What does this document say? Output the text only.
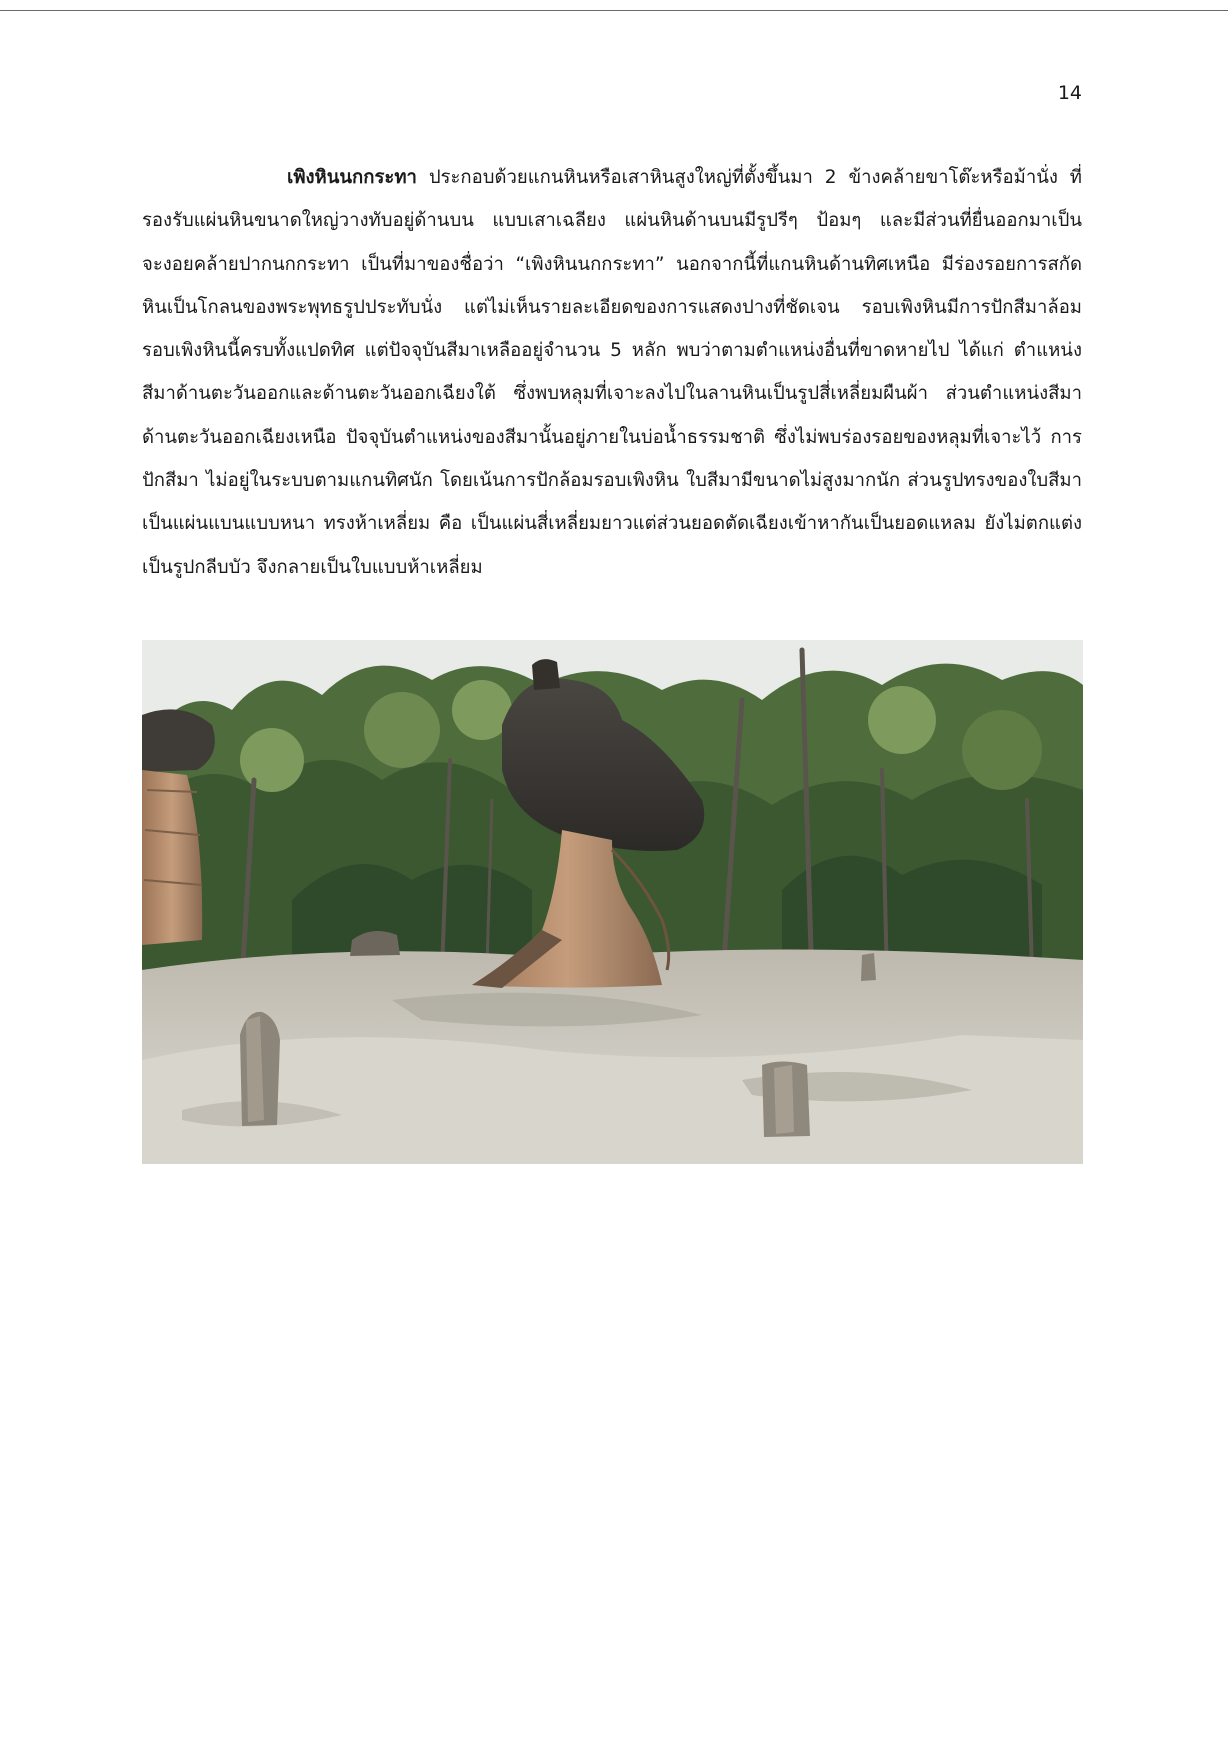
14

เพิงหินนกกระทา ประกอบด้วยแกนหินหรือเสาหินสูงใหญ่ที่ตั้งขึ้นมา 2 ข้างคล้ายขาโต๊ะหรือม้านั่ง ที่รองรับแผ่นหินขนาดใหญ่วางทับอยู่ด้านบน แบบเสาเฉลียง แผ่นหินด้านบนมีรูปรีๆ ป้อมๆ และมีส่วนที่ยื่นออกมาเป็นจะงอยคล้ายปากนกกระทา เป็นที่มาของชื่อว่า “เพิงหินนกกระทา” นอกจากนี้ที่แกนหินด้านทิศเหนือ มีร่องรอยการสกัดหินเป็นโกลนของพระพุทธรูปประทับนั่ง แต่ไม่เห็นรายละเอียดของการแสดงปางที่ชัดเจน รอบเพิงหินมีการปักสีมาล้อมรอบเพิงหินนี้ครบทั้งแปดทิศ แต่ปัจจุบันสีมาเหลืออยู่จำนวน 5 หลัก พบว่าตามตำแหน่งอื่นที่ขาดหายไป ได้แก่ ตำแหน่งสีมาด้านตะวันออกและด้านตะวันออกเฉียงใต้ ซึ่งพบหลุมที่เจาะลงไปในลานหินเป็นรูปสี่เหลี่ยมผืนผ้า ส่วนตำแหน่งสีมาด้านตะวันออกเฉียงเหนือ ปัจจุบันตำแหน่งของสีมานั้นอยู่ภายในบ่อน้ำธรรมชาติ ซึ่งไม่พบร่องรอยของหลุมที่เจาะไว้ การปักสีมา ไม่อยู่ในระบบตามแกนทิศนัก โดยเน้นการปักล้อมรอบเพิงหิน ใบสีมามีขนาดไม่สูงมากนัก ส่วนรูปทรงของใบสีมา เป็นแผ่นแบนแบบหนา ทรงห้าเหลี่ยม คือ เป็นแผ่นสี่เหลี่ยมยาวแต่ส่วนยอดตัดเฉียงเข้าหากันเป็นยอดแหลม ยังไม่ตกแต่งเป็นรูปกลีบบัว จึงกลายเป็นใบแบบห้าเหลี่ยม
